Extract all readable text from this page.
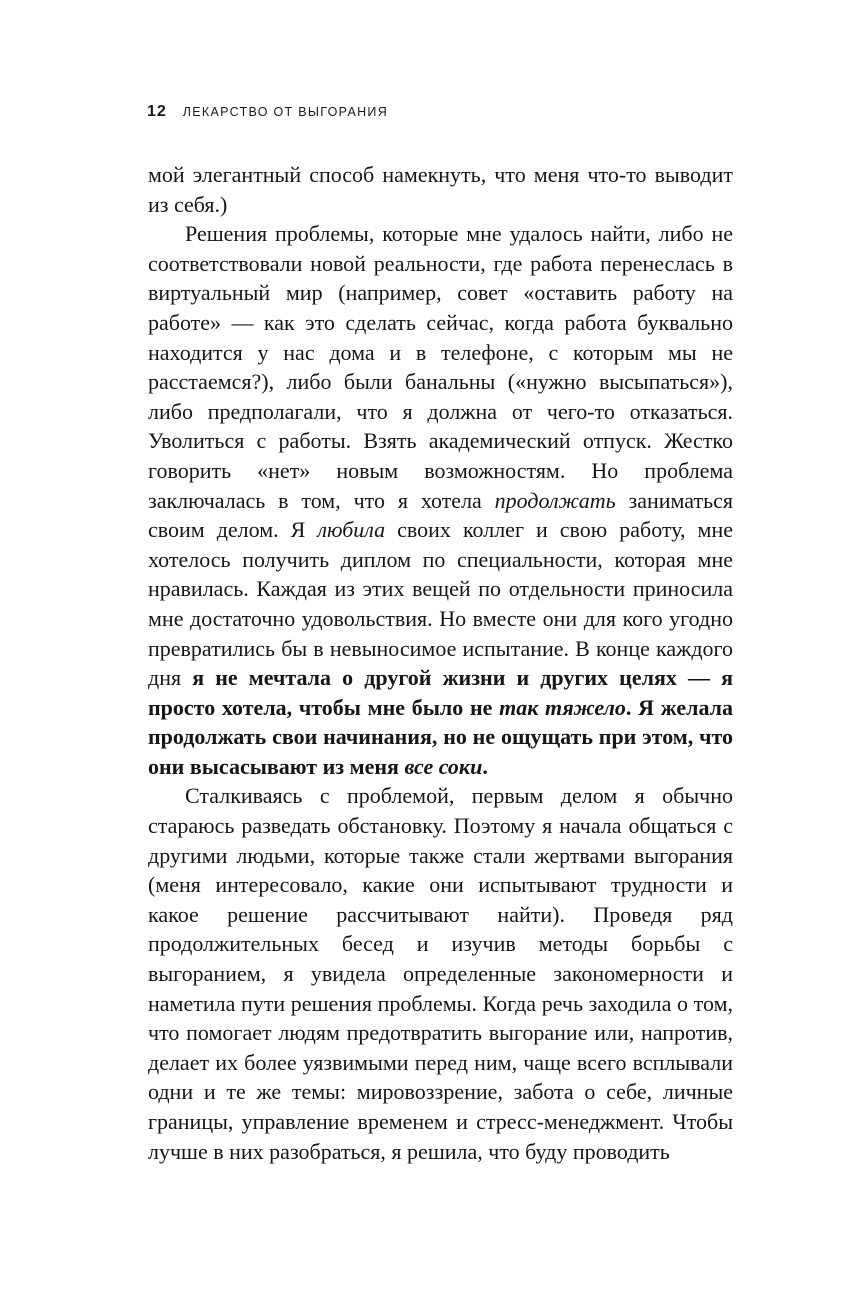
12 ЛЕКАРСТВО ОТ ВЫГОРАНИЯ

мой элегантный способ намекнуть, что меня что-то выводит из себя.)

Решения проблемы, которые мне удалось найти, либо не соответствовали новой реальности, где работа перенеслась в виртуальный мир (например, совет «оставить работу на работе» — как это сделать сейчас, когда работа буквально находится у нас дома и в телефоне, с которым мы не расстаемся?), либо были банальны («нужно высыпаться»), либо предполагали, что я должна от чего-то отказаться. Уволиться с работы. Взять академический отпуск. Жестко говорить «нет» новым возможностям. Но проблема заключалась в том, что я хотела продолжать заниматься своим делом. Я любила своих коллег и свою работу, мне хотелось получить диплом по специальности, которая мне нравилась. Каждая из этих вещей по отдельности приносила мне достаточно удовольствия. Но вместе они для кого угодно превратились бы в невыносимое испытание. В конце каждого дня я не мечтала о другой жизни и других целях — я просто хотела, чтобы мне было не так тяжело. Я желала продолжать свои начинания, но не ощущать при этом, что они высасывают из меня все соки.

Сталкиваясь с проблемой, первым делом я обычно стараюсь разведать обстановку. Поэтому я начала общаться с другими людьми, которые также стали жертвами выгорания (меня интересовало, какие они испытывают трудности и какое решение рассчитывают найти). Проведя ряд продолжительных бесед и изучив методы борьбы с выгоранием, я увидела определенные закономерности и наметила пути решения проблемы. Когда речь заходила о том, что помогает людям предотвратить выгорание или, напротив, делает их более уязвимыми перед ним, чаще всего всплывали одни и те же темы: мировоззрение, забота о себе, личные границы, управление временем и стресс-менеджмент. Чтобы лучше в них разобраться, я решила, что буду проводить
